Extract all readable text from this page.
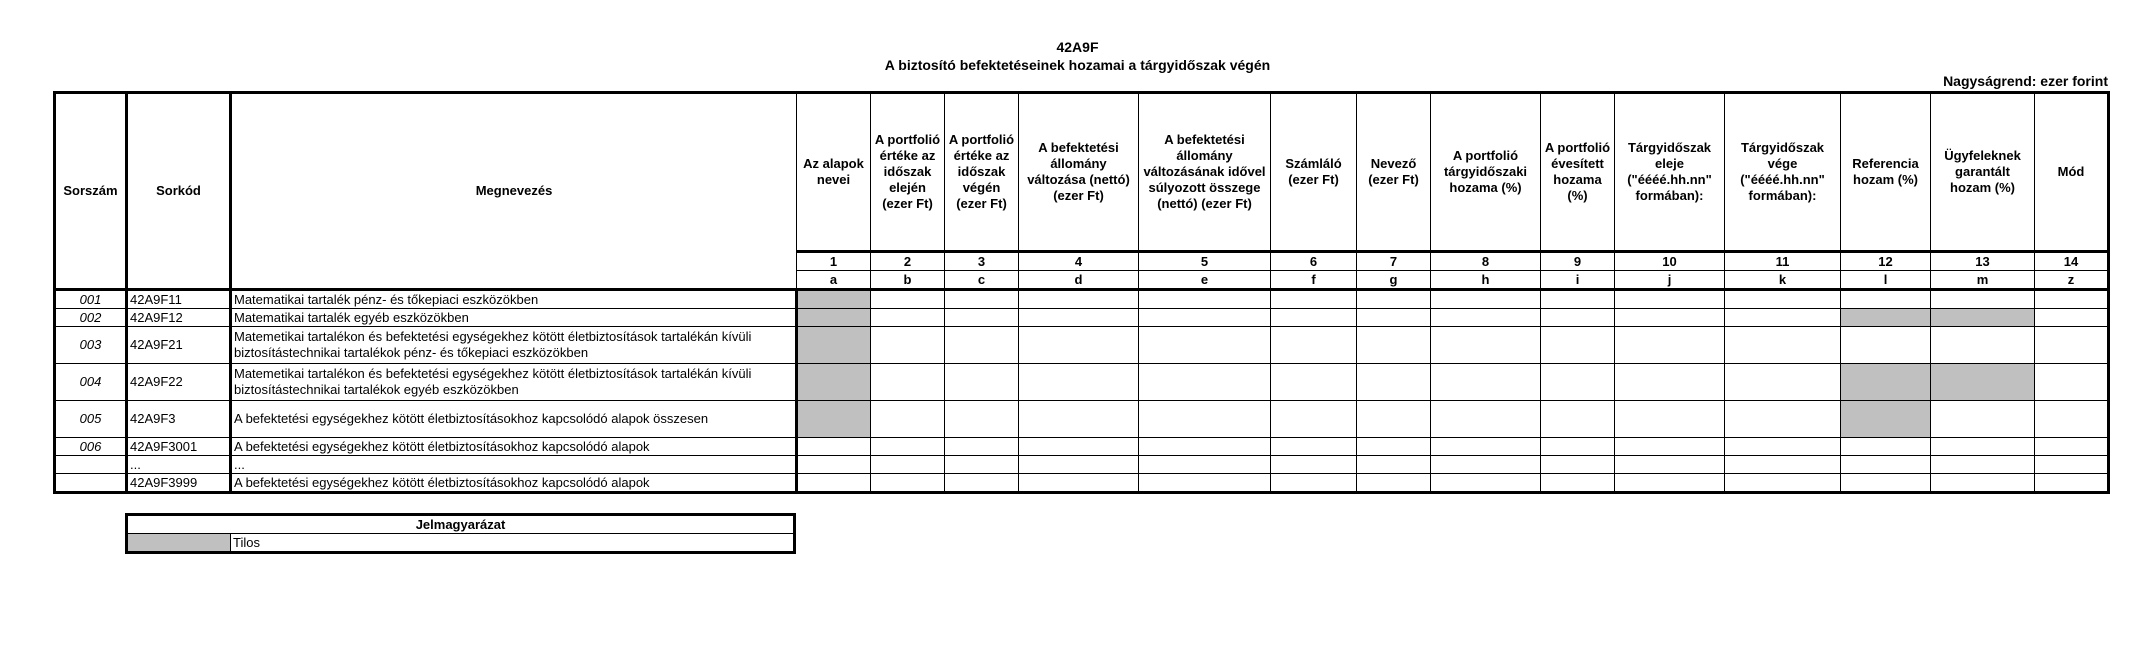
42A9F
A biztosító befektetéseinek hozamai a tárgyidőszak végén
Nagyságrend: ezer forint
Sorszám	Sorkód	Megnevezés	Az alapok nevei	A portfolió értéke az időszak elején (ezer Ft)	A portfolió értéke az időszak végén (ezer Ft)	A befektetési állomány változása (nettó) (ezer Ft)	A befektetési állomány változásának idővel súlyozott összege (nettó) (ezer Ft)	Számláló (ezer Ft)	Nevező (ezer Ft)	A portfolió tárgyidőszaki hozama (%)	A portfolió évesített hozama (%)	Tárgyidőszak eleje ("éééé.hh.nn" formában):	Tárgyidőszak vége ("éééé.hh.nn" formában):	Referencia hozam (%)	Ügyfeleknek garantált hozam (%)	Mód
			1	2	3	4	5	6	7	8	9	10	11	12	13	14
			a	b	c	d	e	f	g	h	i	j	k	l	m	z
001	42A9F11	Matematikai tartalék pénz- és tőkepiaci eszközökben														
002	42A9F12	Matematikai tartalék egyéb eszközökben														
003	42A9F21	Matemetikai tartalékon és befektetési egységekhez kötött életbiztosítások tartalékán kívüli biztosítástechnikai tartalékok pénz- és tőkepiaci eszközökben														
004	42A9F22	Matemetikai tartalékon és befektetési egységekhez kötött életbiztosítások tartalékán kívüli biztosítástechnikai tartalékok egyéb eszközökben														
005	42A9F3	A befektetési egységekhez kötött életbiztosításokhoz kapcsolódó alapok összesen														
006	42A9F3001	A befektetési egységekhez kötött életbiztosításokhoz kapcsolódó alapok														
	...	...														
	42A9F3999	A befektetési egységekhez kötött életbiztosításokhoz kapcsolódó alapok														
Jelmagyarázat
	Tilos
